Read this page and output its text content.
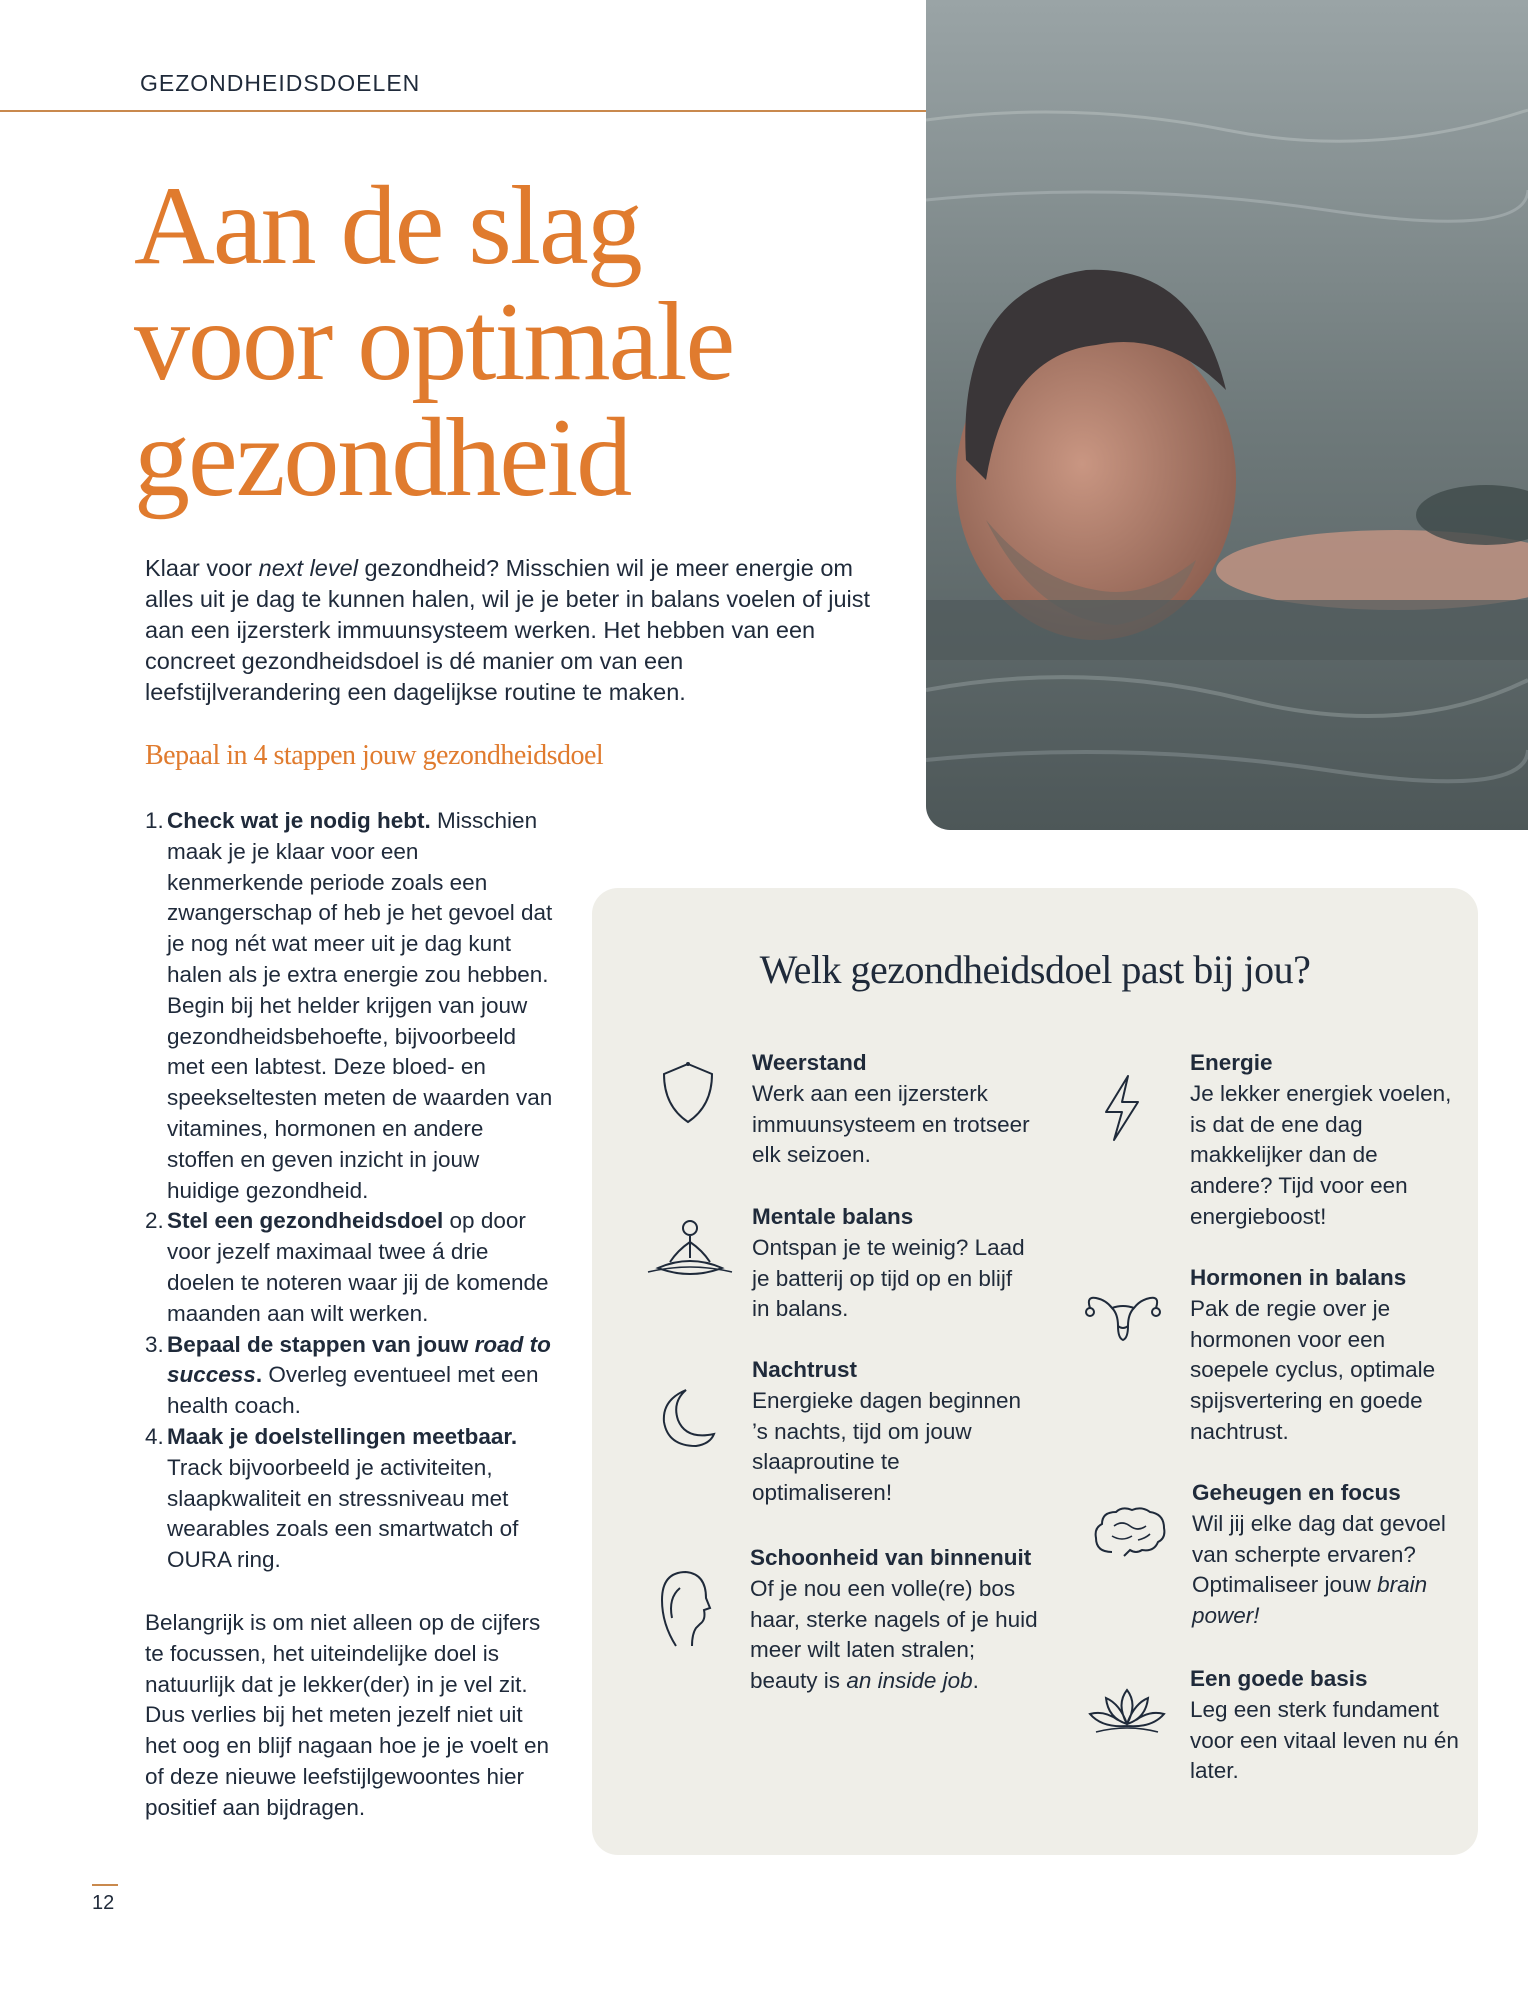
GEZONDHEIDSDOELEN
Aan de slag
voor optimale
gezondheid
Klaar voor next level gezondheid? Misschien wil je meer energie om alles uit je dag te kunnen halen, wil je je beter in balans voelen of juist aan een ijzersterk immuunsysteem werken. Het hebben van een concreet gezondheidsdoel is dé manier om van een leefstijlverandering een dagelijkse routine te maken.
Bepaal in 4 stappen jouw gezondheidsdoel
1. Check wat je nodig hebt. Misschien maak je je klaar voor een kenmerkende periode zoals een zwangerschap of heb je het gevoel dat je nog nét wat meer uit je dag kunt halen als je extra energie zou hebben. Begin bij het helder krijgen van jouw gezondheidsbehoefte, bijvoorbeeld met een labtest. Deze bloed- en speekseltesten meten de waarden van vitamines, hormonen en andere stoffen en geven inzicht in jouw huidige gezondheid.
2. Stel een gezondheidsdoel op door voor jezelf maximaal twee á drie doelen te noteren waar jij de komende maanden aan wilt werken.
3. Bepaal de stappen van jouw road to success. Overleg eventueel met een health coach.
4. Maak je doelstellingen meetbaar. Track bijvoorbeeld je activiteiten, slaapkwaliteit en stressniveau met wearables zoals een smartwatch of OURA ring.
Belangrijk is om niet alleen op de cijfers te focussen, het uiteindelijke doel is natuurlijk dat je lekker(der) in je vel zit. Dus verlies bij het meten jezelf niet uit het oog en blijf nagaan hoe je je voelt en of deze nieuwe leefstijlgewoontes hier positief aan bijdragen.
12
Welk gezondheidsdoel past bij jou?
Weerstand
Werk aan een ijzersterk immuunsysteem en trotseer elk seizoen.
Mentale balans
Ontspan je te weinig? Laad je batterij op tijd op en blijf in balans.
Nachtrust
Energieke dagen beginnen ’s nachts, tijd om jouw slaaproutine te optimaliseren!
Schoonheid van binnenuit
Of je nou een volle(re) bos haar, sterke nagels of je huid meer wilt laten stralen; beauty is an inside job.
Energie
Je lekker energiek voelen, is dat de ene dag makkelijker dan de andere? Tijd voor een energieboost!
Hormonen in balans
Pak de regie over je hormonen voor een soepele cyclus, optimale spijsvertering en goede nachtrust.
Geheugen en focus
Wil jij elke dag dat gevoel van scherpte ervaren? Optimaliseer jouw brain power!
Een goede basis
Leg een sterk fundament voor een vitaal leven nu én later.
